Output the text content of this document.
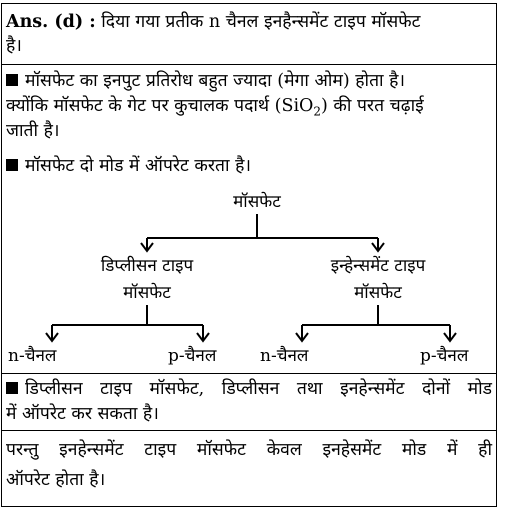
Ans. (d) : दिया गया प्रतीक n चैनल इनहैन्समेंट टाइप मॉसफेट
है।
मॉसफेट का इनपुट प्रतिरोध बहुत ज्यादा (मेगा ओम) होता है।
क्योंकि मॉसफेट के गेट पर कुचालक पदार्थ (SiO$_2$) की परत चढ़ाई
जाती है।
मॉसफेट दो मोड में ऑपरेट करता है।
मॉसफेट
डिप्लीसन टाइप
मॉसफेट
इन्हेन्समेंट टाइप
मॉसफेट
n-चैनल	p-चैनल	n-चैनल	p-चैनल
डिप्लीसन टाइप मॉसफेट, डिप्लीसन तथा इनहेन्समेंट दोनों मोड
में ऑपरेट कर सकता है।
परन्तु इनहेन्समेंट टाइप मॉसफेट केवल इनहेसमेंट मोड में ही
ऑपरेट होता है।
